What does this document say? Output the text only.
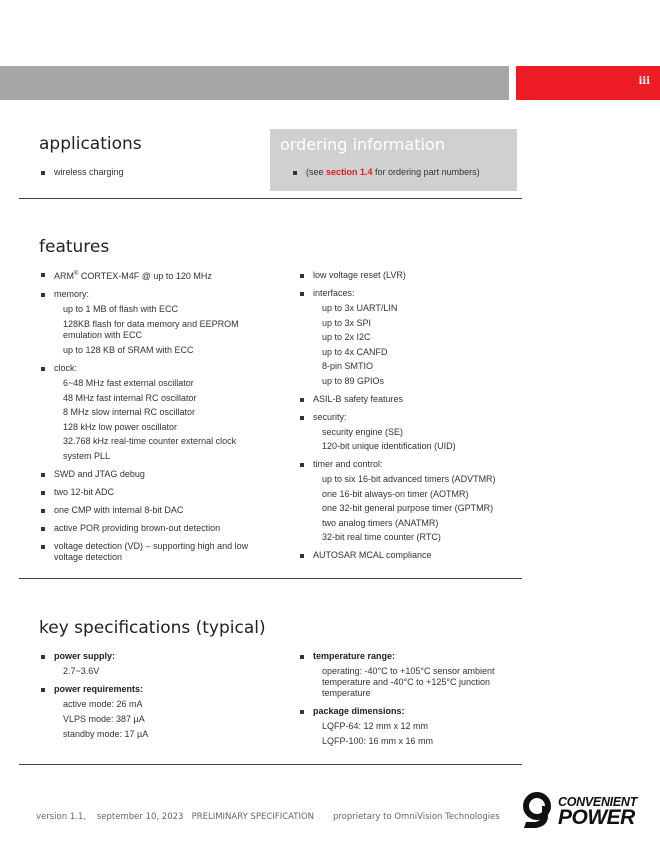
iii
applications
wireless charging
ordering information
(see section 1.4 for ordering part numbers)
features
ARM® CORTEX-M4F @ up to 120 MHz
memory:
up to 1 MB of flash with ECC
128KB flash for data memory and EEPROM emulation with ECC
up to 128 KB of SRAM with ECC
clock:
6~48 MHz fast external oscillator
48 MHz fast internal RC oscillator
8 MHz slow internal RC oscillator
128 kHz low power oscillator
32.768 kHz real-time counter external clock
system PLL
SWD and JTAG debug
two 12-bit ADC
one CMP with internal 8-bit DAC
active POR providing brown-out detection
voltage detection (VD) – supporting high and low voltage detection
low voltage reset (LVR)
interfaces:
up to 3x UART/LIN
up to 3x SPI
up to 2x I2C
up to 4x CANFD
8-pin SMTIO
up to 89 GPIOs
ASIL-B safety features
security:
security engine (SE)
120-bit unique identification (UID)
timer and control:
up to six 16-bit advanced timers (ADVTMR)
one 16-bit always-on timer (AOTMR)
one 32-bit general purpose timer (GPTMR)
two analog timers (ANATMR)
32-bit real time counter (RTC)
AUTOSAR MCAL compliance
key specifications (typical)
power supply:
2.7~3.6V
power requirements:
active mode: 26 mA
VLPS mode: 387 µA
standby mode: 17 µA
temperature range:
operating: -40°C to +105°C sensor ambient temperature and -40°C to +125°C junction temperature
package dimensions:
LQFP-64: 12 mm x 12 mm
LQFP-100: 16 mm x 16 mm
version 1.1, september 10, 2023 PRELIMINARY SPECIFICATION proprietary to OmniVision Technologies
CONVENIENT
POWER
